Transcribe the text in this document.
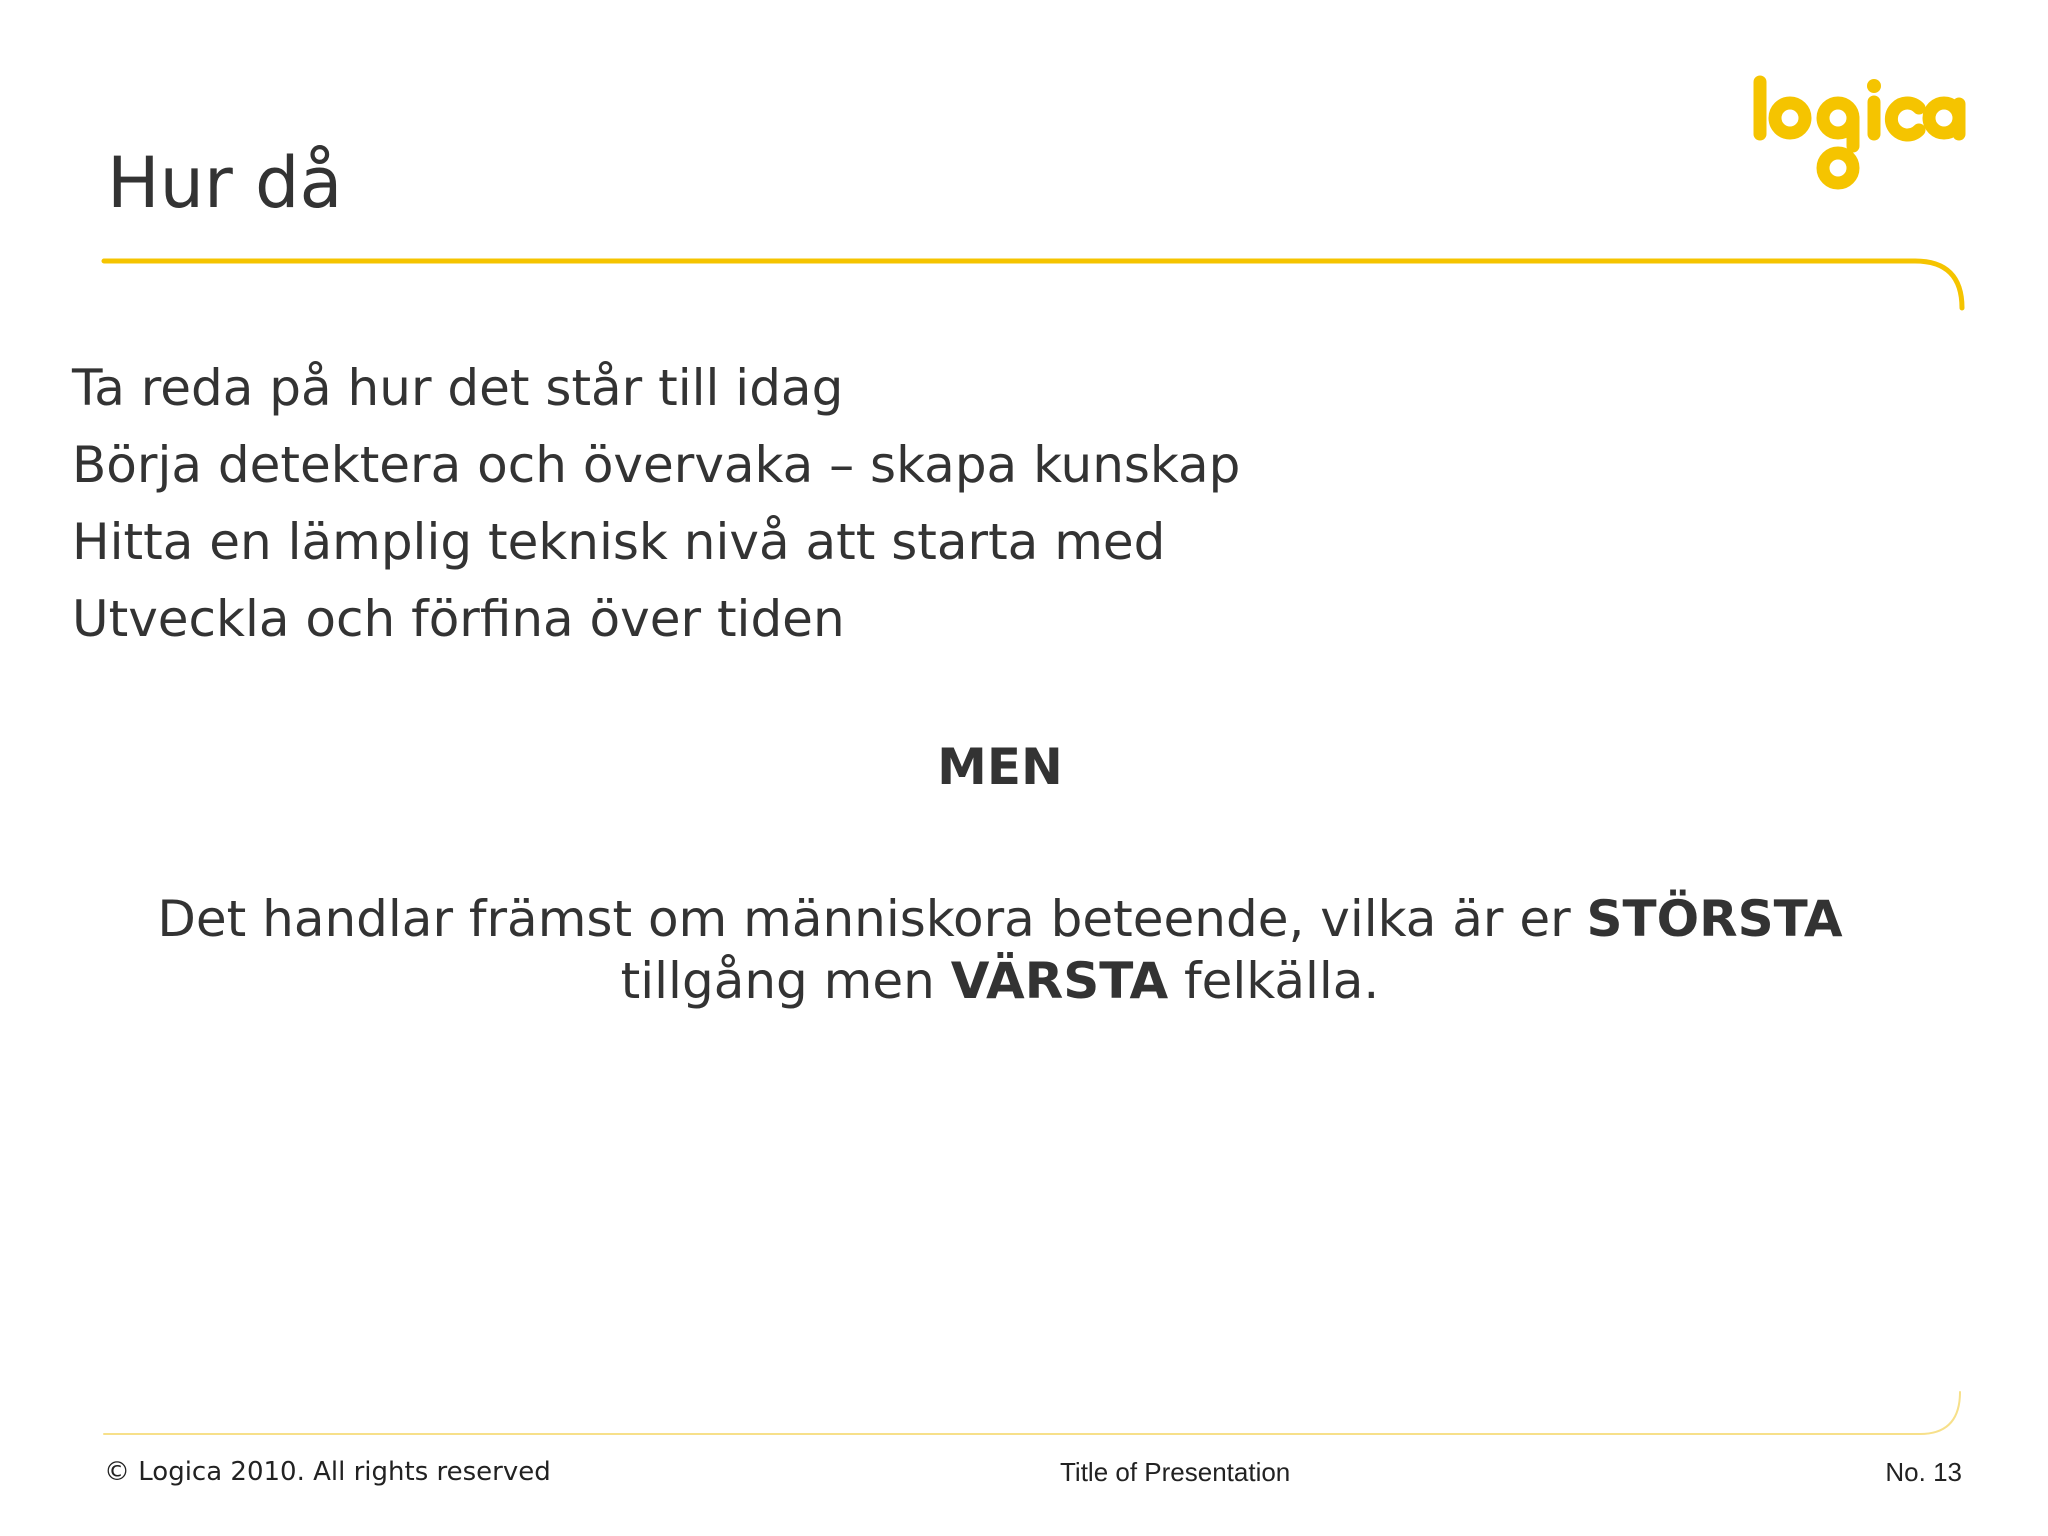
Hur då
Ta reda på hur det står till idag
Börja detektera och övervaka – skapa kunskap
Hitta en lämplig teknisk nivå att starta med
Utveckla och förfina över tiden
MEN
Det handlar främst om människora beteende, vilka är er STÖRSTA
tillgång men VÄRSTA felkälla.
© Logica 2010. All rights reserved	Title of Presentation	No. 13
